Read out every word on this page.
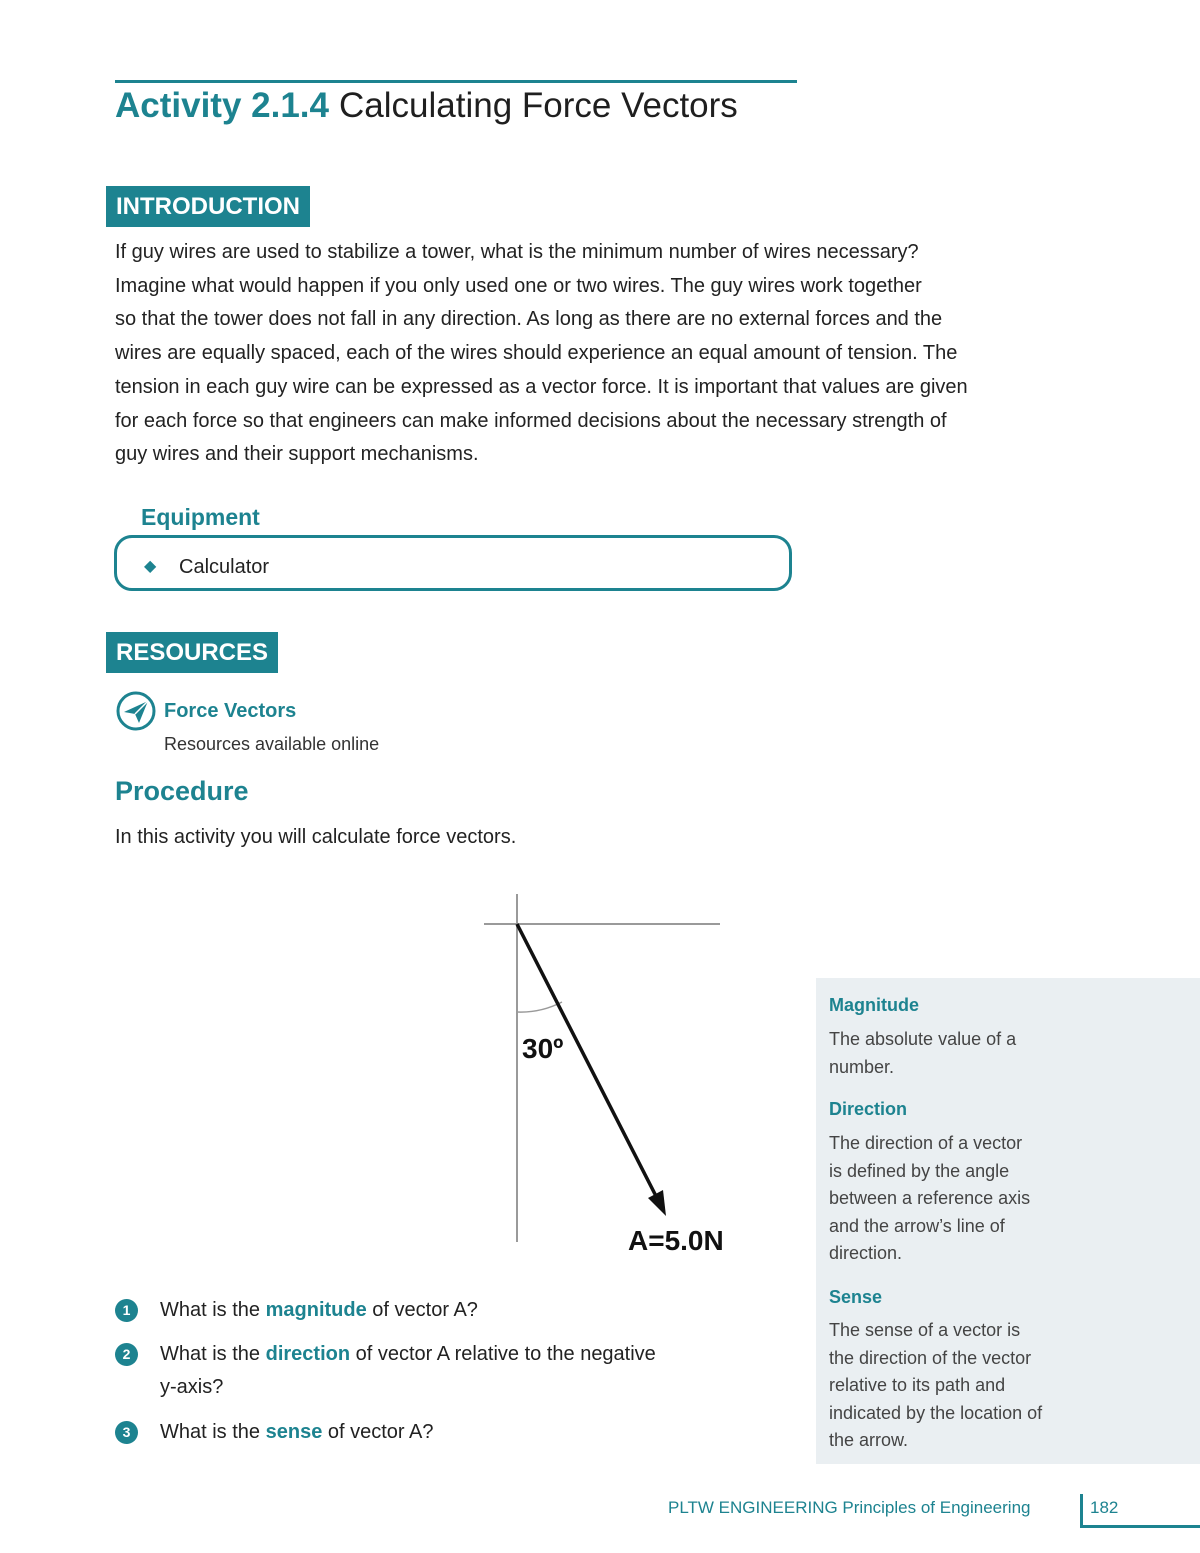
Activity 2.1.4 Calculating Force Vectors
INTRODUCTION
If guy wires are used to stabilize a tower, what is the minimum number of wires necessary?
Imagine what would happen if you only used one or two wires. The guy wires work together
so that the tower does not fall in any direction. As long as there are no external forces and the
wires are equally spaced, each of the wires should experience an equal amount of tension. The
tension in each guy wire can be expressed as a vector force. It is important that values are given
for each force so that engineers can make informed decisions about the necessary strength of
guy wires and their support mechanisms.
Equipment
◆ Calculator
RESOURCES
Force Vectors
Resources available online
Procedure
In this activity you will calculate force vectors.
30º
A=5.0N
1	What is the magnitude of vector A?
2	What is the direction of vector A relative to the negative
y-axis?
3	What is the sense of vector A?
Magnitude
The absolute value of a
number.
Direction
The direction of a vector
is defined by the angle
between a reference axis
and the arrow’s line of
direction.
Sense
The sense of a vector is
the direction of the vector
relative to its path and
indicated by the location of
the arrow.
PLTW ENGINEERING Principles of Engineering	182
